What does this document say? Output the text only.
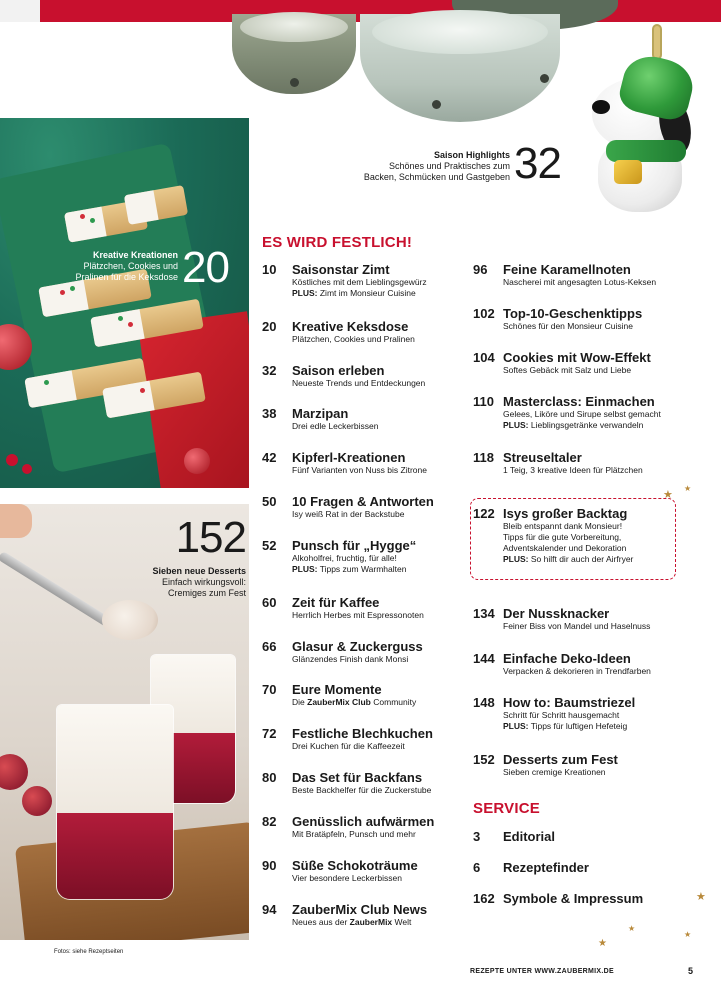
Kreative Kreationen
Plätzchen, Cookies und
Pralinen für die Keksdose 20
152
Sieben neue Desserts
Einfach wirkungsvoll:
Cremiges zum Fest
Fotos: siehe Rezeptseiten
Saison Highlights
Schönes und Praktisches zum
Backen, Schmücken und Gastgeben 32
ES WIRD FESTLICH!
SERVICE
10	Saisonstar Zimt
Köstliches mit dem Lieblingsgewürz
PLUS: Zimt im Monsieur Cuisine
20	Kreative Keksdose
Plätzchen, Cookies und Pralinen
32	Saison erleben
Neueste Trends und Entdeckungen
38	Marzipan
Drei edle Leckerbissen
42	Kipferl-Kreationen
Fünf Varianten von Nuss bis Zitrone
50	10 Fragen & Antworten
Isy weiß Rat in der Backstube
52	Punsch für „Hygge“
Alkoholfrei, fruchtig, für alle!
PLUS: Tipps zum Warmhalten
60	Zeit für Kaffee
Herrlich Herbes mit Espressonoten
66	Glasur & Zuckerguss
Glänzendes Finish dank Monsi
70	Eure Momente
Die ZauberMix Club Community
72	Festliche Blechkuchen
Drei Kuchen für die Kaffeezeit
80	Das Set für Backfans
Beste Backhelfer für die Zuckerstube
82	Genüsslich aufwärmen
Mit Bratäpfeln, Punsch und mehr
90	Süße Schokoträume
Vier besondere Leckerbissen
94	ZauberMix Club News
Neues aus der ZauberMix Welt
96	Feine Karamellnoten
Nascherei mit angesagten Lotus-Keksen
102 Top-10-Geschenktipps
Schönes für den Monsieur Cuisine
104 Cookies mit Wow-Effekt
Softes Gebäck mit Salz und Liebe
110 Masterclass: Einmachen
Gelees, Liköre und Sirupe selbst gemacht
PLUS: Lieblingsgetränke verwandeln
118 Streuseltaler
1 Teig, 3 kreative Ideen für Plätzchen
122 Isys großer Backtag
Bleib entspannt dank Monsieur!
Tipps für die gute Vorbereitung,
Adventskalender und Dekoration
PLUS: So hilft dir auch der Airfryer
134 Der Nussknacker
Feiner Biss von Mandel und Haselnuss
144 Einfache Deko-Ideen
Verpacken & dekorieren in Trendfarben
148 How to: Baumstriezel
Schritt für Schritt hausgemacht
PLUS: Tipps für luftigen Hefeteig
152 Desserts zum Fest
Sieben cremige Kreationen
3	Editorial
6	Rezeptefinder
162 Symbole & Impressum
★
★
★
★
★
★
REZEPTE UNTER WWW.ZAUBERMIX.DE	5
